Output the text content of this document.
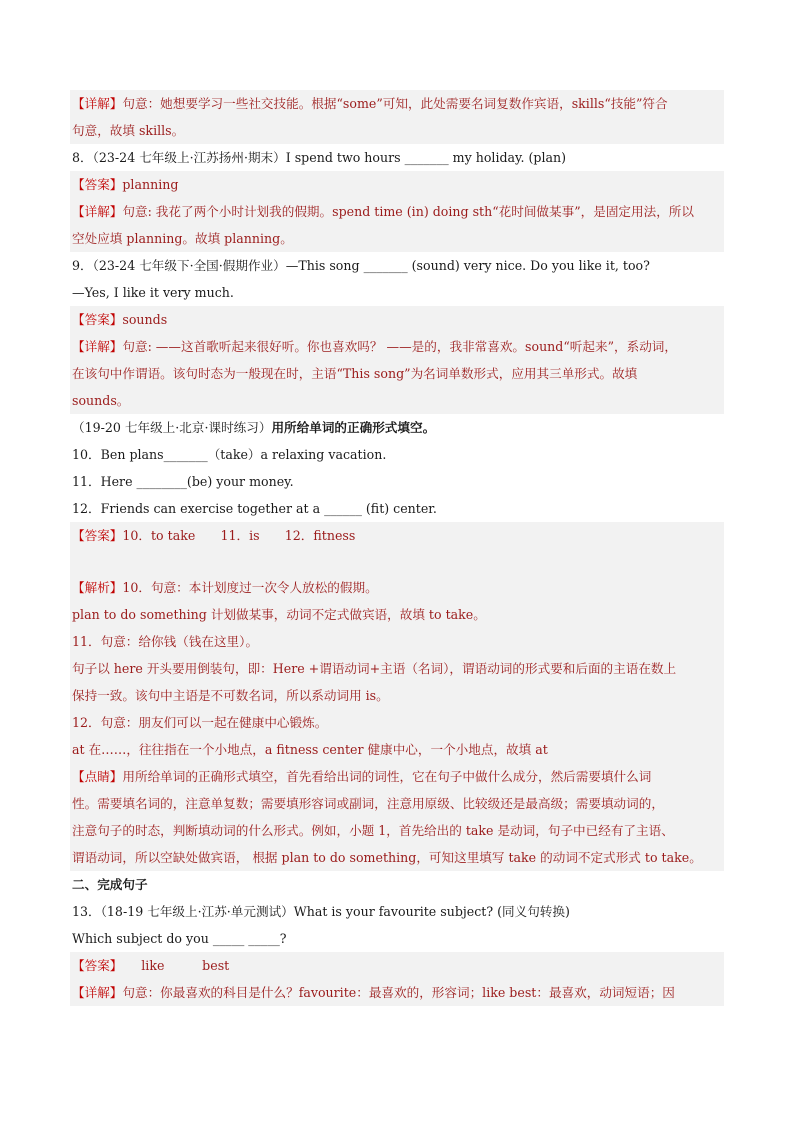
【详解】句意：她想要学习一些社交技能。根据“some”可知，此处需要名词复数作宾语，skills“技能”符合
句意，故填 skills。
8．（23-24 七年级上·江苏扬州·期末）I spend two hours _______ my holiday. (plan)
【答案】planning
【详解】句意: 我花了两个小时计划我的假期。spend time (in) doing sth“花时间做某事”，是固定用法，所以
空处应填 planning。故填 planning。
9．（23-24 七年级下·全国·假期作业）—This song _______ (sound) very nice. Do you like it, too?
—Yes, I like it very much.
【答案】sounds
【详解】句意: ——这首歌听起来很好听。你也喜欢吗？ ——是的，我非常喜欢。sound“听起来”，系动词，
在该句中作谓语。该句时态为一般现在时，主语“This song”为名词单数形式，应用其三单形式。故填
sounds。
（19-20 七年级上·北京·课时练习）用所给单词的正确形式填空。
10．Ben plans_______（take）a relaxing vacation.
11．Here ________(be) your money.
12．Friends can exercise together at a ______ (fit) center.
【答案】10．to take　　11．is　　12．fitness
【解析】10．句意：本计划度过一次令人放松的假期。
plan to do something 计划做某事，动词不定式做宾语，故填 to take。
11．句意：给你钱（钱在这里）。
句子以 here 开头要用倒装句，即：Here +谓语动词+主语（名词），谓语动词的形式要和后面的主语在数上
保持一致。该句中主语是不可数名词，所以系动词用 is。
12．句意：朋友们可以一起在健康中心锻炼。
at 在……，往往指在一个小地点，a fitness center 健康中心，一个小地点，故填 at
【点睛】用所给单词的正确形式填空，首先看给出词的词性，它在句子中做什么成分，然后需要填什么词
性。需要填名词的，注意单复数；需要填形容词或副词，注意用原级、比较级还是最高级；需要填动词的，
注意句子的时态，判断填动词的什么形式。例如，小题 1，首先给出的 take 是动词，句子中已经有了主语、
谓语动词，所以空缺处做宾语， 根据 plan to do something，可知这里填写 take 的动词不定式形式 to take。
二、完成句子
13．（18-19 七年级上·江苏·单元测试）What is your favourite subject? (同义句转换)
Which subject do you _____ _____?
【答案】　　like　　　best
【详解】句意：你最喜欢的科目是什么？favourite：最喜欢的，形容词；like best：最喜欢，动词短语；因
